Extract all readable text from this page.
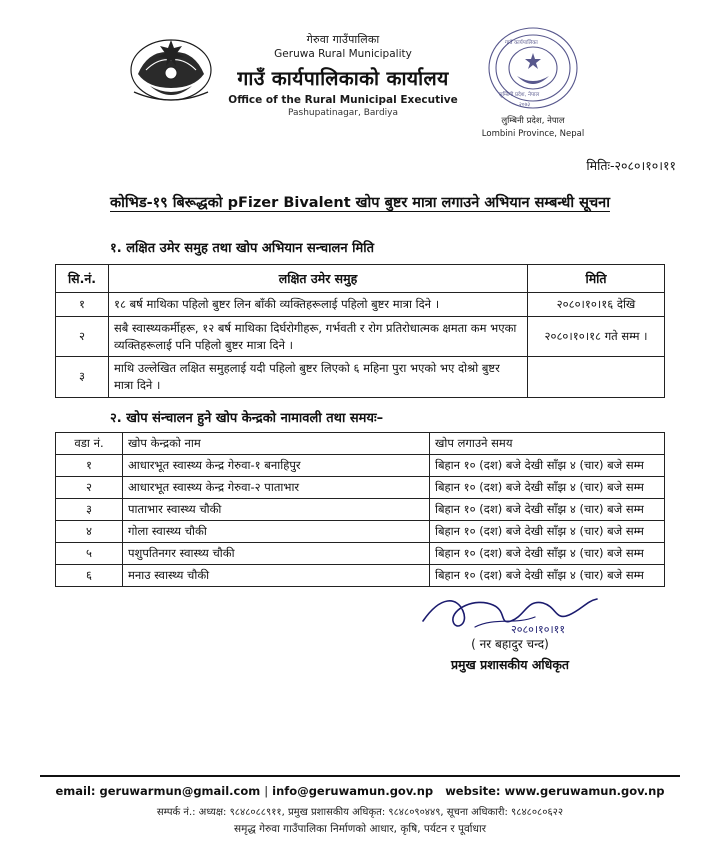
गेरुवा गाउँपालिका
Geruwa Rural Municipality
गाउँ कार्यपालिकाको कार्यालय
Office of the Rural Municipal Executive
Pashupatinagar, Bardiya
गाउँ कार्यपालिका
लुम्बिनी प्रदेश, नेपाल
२०७३
लुम्बिनी प्रदेश, नेपाल
Lombini Province, Nepal
मितिः-२०८०।१०।११
कोभिड-१९ बिरूद्धको pFizer Bivalent खोप बुष्टर मात्रा लगाउने अभियान सम्बन्धी सूचना
१. लक्षित उमेर समुह तथा खोप अभियान सन्चालन मिति
सि.नं.	लक्षित उमेर समुह	मिति
१	१८ बर्ष माथिका पहिलो बुष्टर लिन बाँकी व्यक्तिहरूलाई पहिलो बुष्टर मात्रा दिने ।	२०८०।१०।१६ देखि
२	सबै स्वास्थ्यकर्मीहरू, १२ बर्ष माथिका दिर्घरोगीहरू, गर्भवती र रोग प्रतिरोधात्मक क्षमता कम भएका व्यक्तिहरूलाई पनि पहिलो बुष्टर मात्रा दिने ।	२०८०।१०।१८ गते सम्म ।
३	माथि उल्लेखित लक्षित समुहलाई यदी पहिलो बुष्टर लिएको ६ महिना पुरा भएको भए दोश्रो बुष्टर मात्रा दिने ।	
२. खोप संन्चालन हुने खोप केन्द्रको नामावली तथा समयः–
वडा नं.	खोप केन्द्रको नाम	खोप लगाउने समय
१	आधारभूत स्वास्थ्य केन्द्र गेरुवा-१ बनाहिपुर	बिहान १० (दश) बजे देखी साँझ ४ (चार) बजे सम्म
२	आधारभूत स्वास्थ्य केन्द्र गेरुवा-२ पाताभार	बिहान १० (दश) बजे देखी साँझ ४ (चार) बजे सम्म
३	पाताभार स्वास्थ्य चौकी	बिहान १० (दश) बजे देखी साँझ ४ (चार) बजे सम्म
४	गोला स्वास्थ्य चौकी	बिहान १० (दश) बजे देखी साँझ ४ (चार) बजे सम्म
५	पशुपतिनगर स्वास्थ्य चौकी	बिहान १० (दश) बजे देखी साँझ ४ (चार) बजे सम्म
६	मनाउ स्वास्थ्य चौकी	बिहान १० (दश) बजे देखी साँझ ४ (चार) बजे सम्म
२०८०।१०।११
( नर बहादुर चन्द)
प्रमुख प्रशासकीय अधिकृत
email: geruwarmun@gmail.com | info@geruwamun.gov.np website: www.geruwamun.gov.np
सम्पर्क नं.: अध्यक्ष: ९८४८०८८९११, प्रमुख प्रशासकीय अधिकृत: ९८४८०९०४४९, सूचना अधिकारी: ९८४८०८०६२२
समृद्ध गेरुवा गाउँपालिका निर्माणको आधार, कृषि, पर्यटन र पूर्वाधार
